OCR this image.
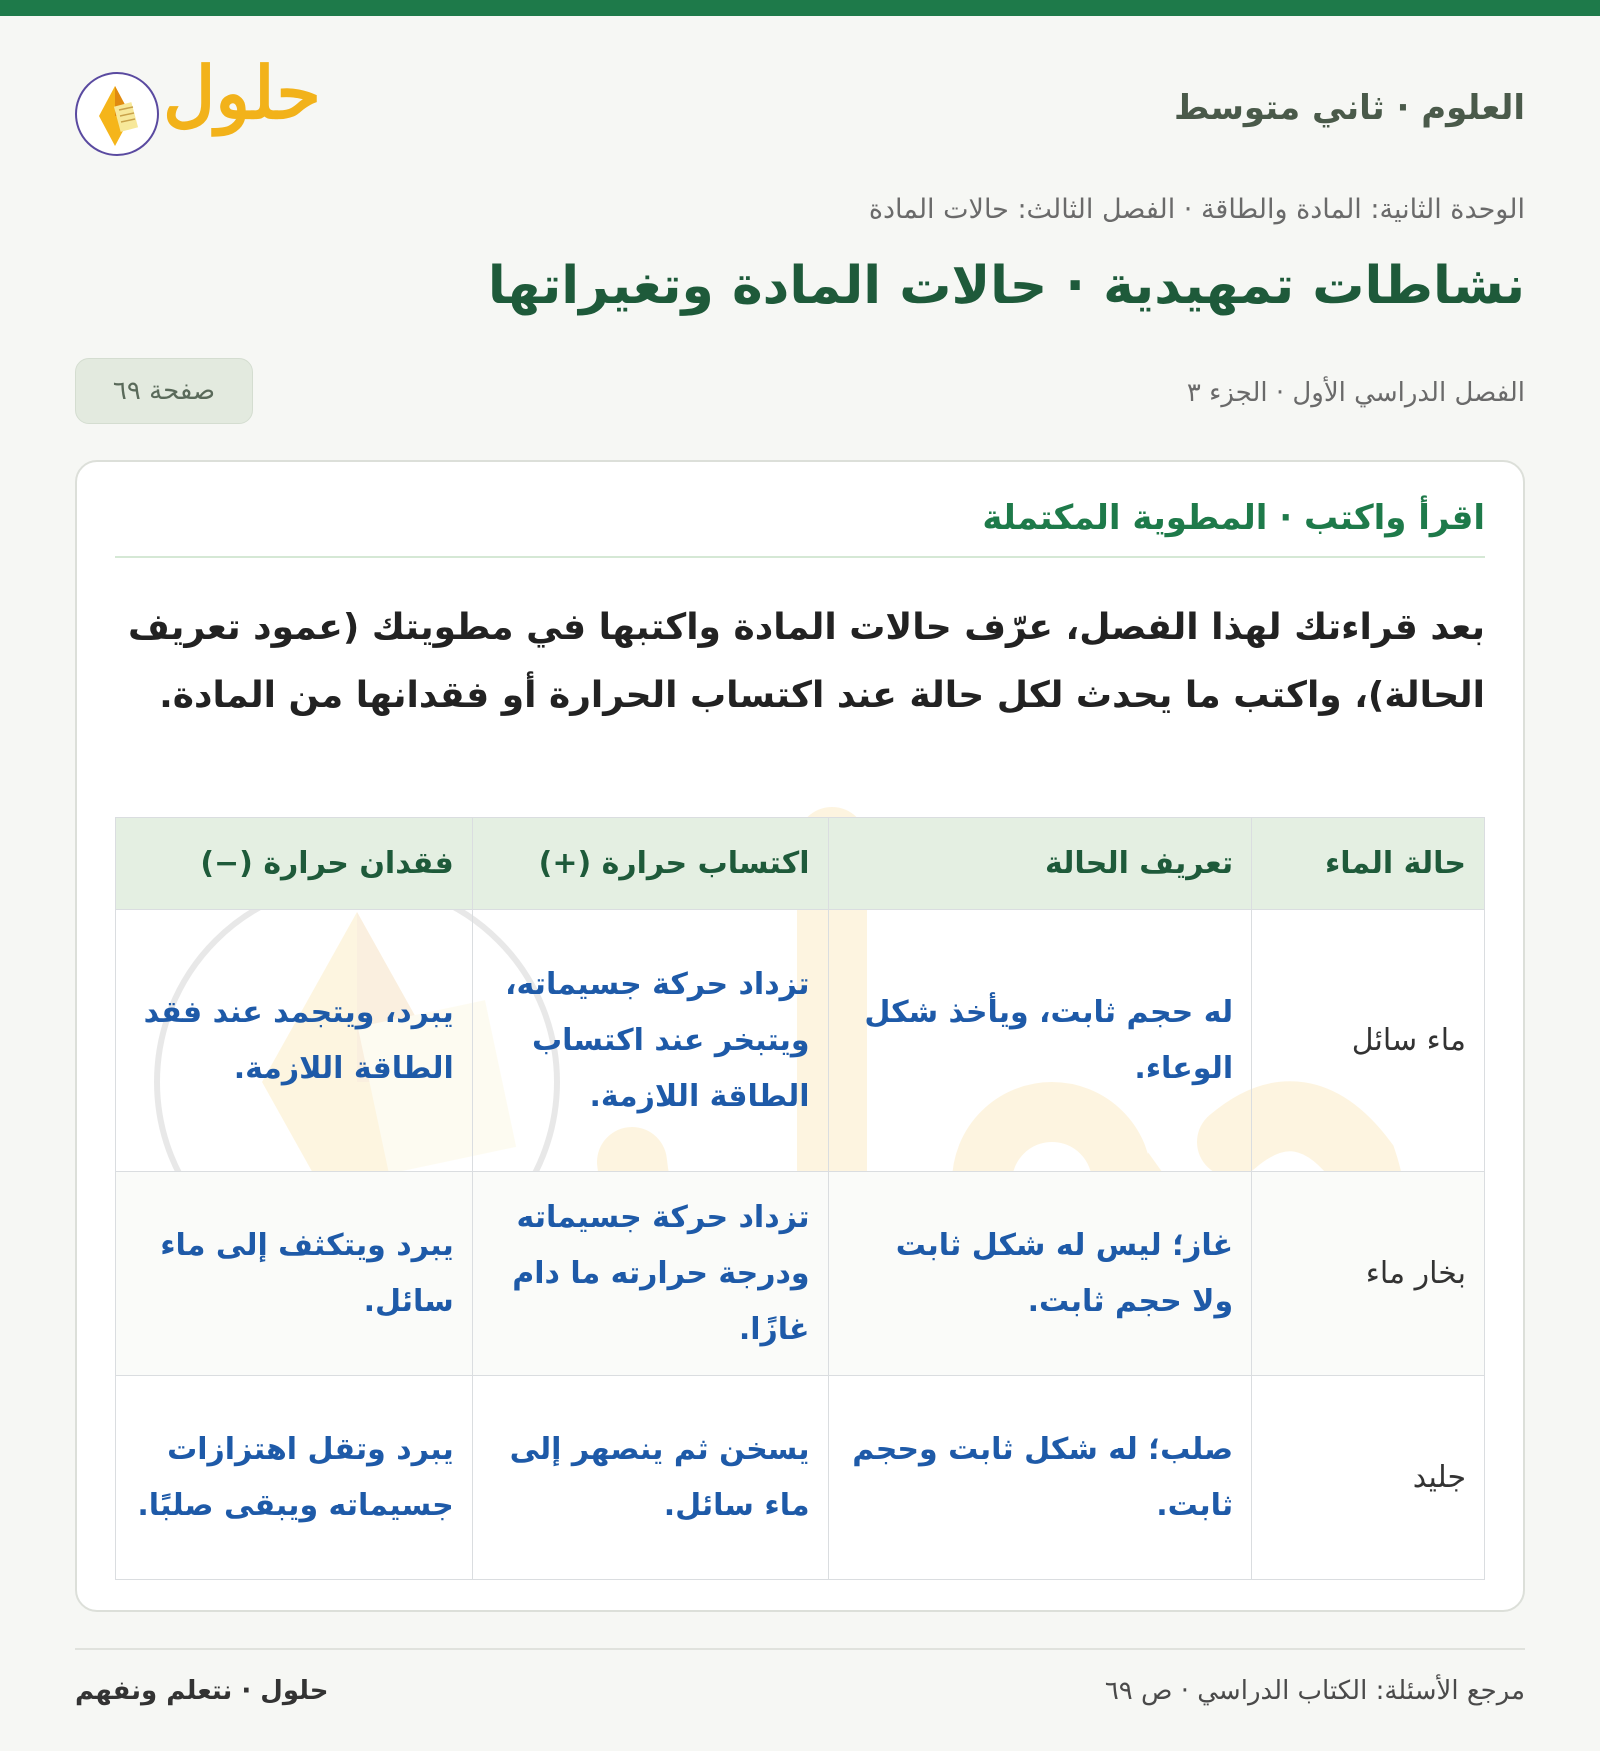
العلوم · ثاني متوسط
حلول
الوحدة الثانية: المادة والطاقة · الفصل الثالث: حالات المادة
نشاطات تمهيدية · حالات المادة وتغيراتها
الفصل الدراسي الأول · الجزء ٣
صفحة ٦٩
اقرأ واكتب · المطوية المكتملة
بعد قراءتك لهذا الفصل، عرّف حالات المادة واكتبها في مطويتك (عمود تعريف الحالة)، واكتب ما يحدث لكل حالة عند اكتساب الحرارة أو فقدانها من المادة.
حالة الماء	تعريف الحالة	اكتساب حرارة (+)	فقدان حرارة (−)
ماء سائل	له حجم ثابت، ويأخذ شكل الوعاء.	تزداد حركة جسيماته، ويتبخر عند اكتساب الطاقة اللازمة.	يبرد، ويتجمد عند فقد الطاقة اللازمة.
بخار ماء	غاز؛ ليس له شكل ثابت ولا حجم ثابت.	تزداد حركة جسيماته ودرجة حرارته ما دام غازًا.	يبرد ويتكثف إلى ماء سائل.
جليد	صلب؛ له شكل ثابت وحجم ثابت.	يسخن ثم ينصهر إلى ماء سائل.	يبرد وتقل اهتزازات جسيماته ويبقى صلبًا.
مرجع الأسئلة: الكتاب الدراسي · ص ٦٩
حلول · نتعلم ونفهم
